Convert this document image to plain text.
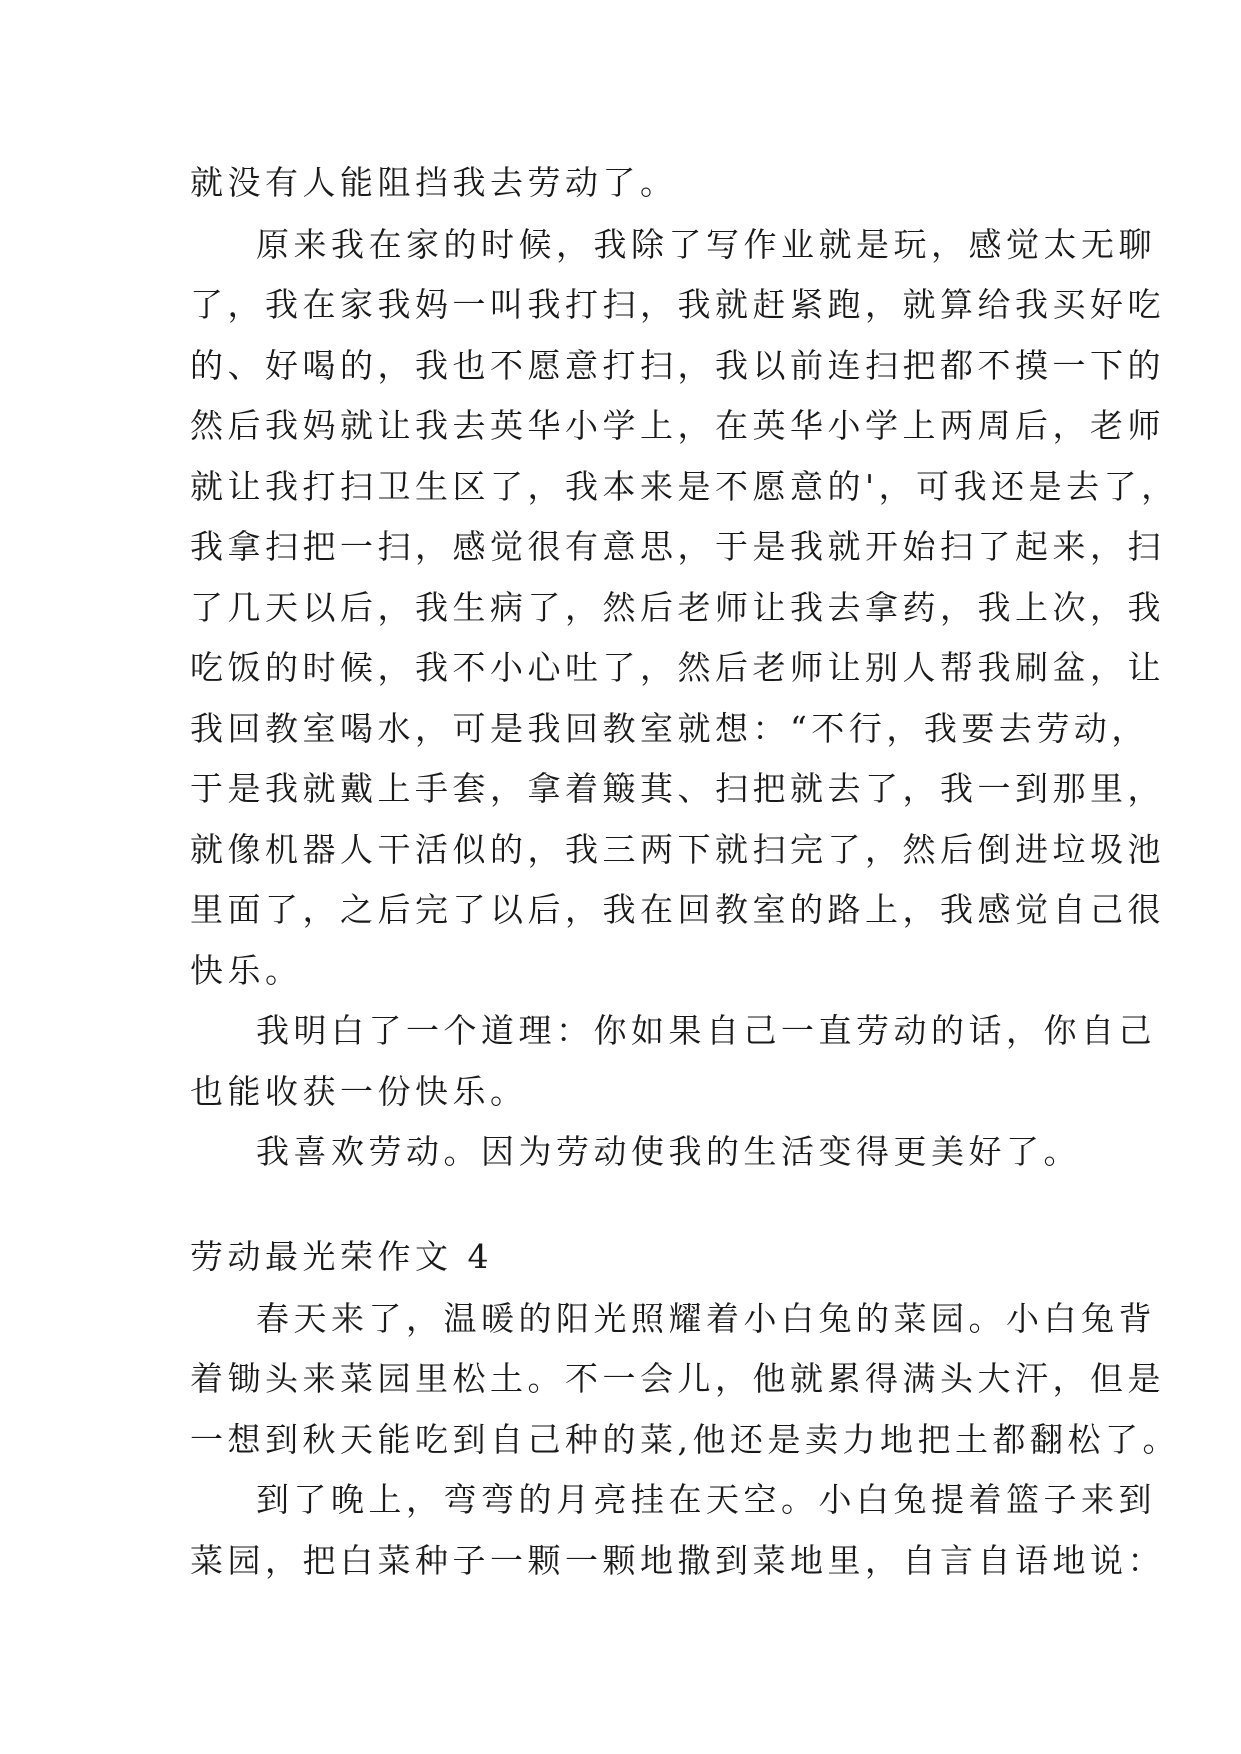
就没有人能阻挡我去劳动了。
原来我在家的时候，我除了写作业就是玩，感觉太无聊
了，我在家我妈一叫我打扫，我就赶紧跑，就算给我买好吃
的、好喝的，我也不愿意打扫，我以前连扫把都不摸一下的
然后我妈就让我去英华小学上，在英华小学上两周后，老师
就让我打扫卫生区了，我本来是不愿意的'，可我还是去了，
我拿扫把一扫，感觉很有意思，于是我就开始扫了起来，扫
了几天以后，我生病了，然后老师让我去拿药，我上次，我
吃饭的时候，我不小心吐了，然后老师让别人帮我刷盆，让
我回教室喝水，可是我回教室就想：“不行，我要去劳动，
于是我就戴上手套，拿着簸萁、扫把就去了，我一到那里，
就像机器人干活似的，我三两下就扫完了，然后倒进垃圾池
里面了，之后完了以后，我在回教室的路上，我感觉自己很
快乐。
我明白了一个道理：你如果自己一直劳动的话，你自己
也能收获一份快乐。
我喜欢劳动。因为劳动使我的生活变得更美好了。
劳动最光荣作文 4
春天来了，温暖的阳光照耀着小白兔的菜园。小白兔背
着锄头来菜园里松土。不一会儿，他就累得满头大汗，但是
一想到秋天能吃到自己种的菜,他还是卖力地把土都翻松了。
到了晚上，弯弯的月亮挂在天空。小白兔提着篮子来到
菜园，把白菜种子一颗一颗地撒到菜地里，自言自语地说：
